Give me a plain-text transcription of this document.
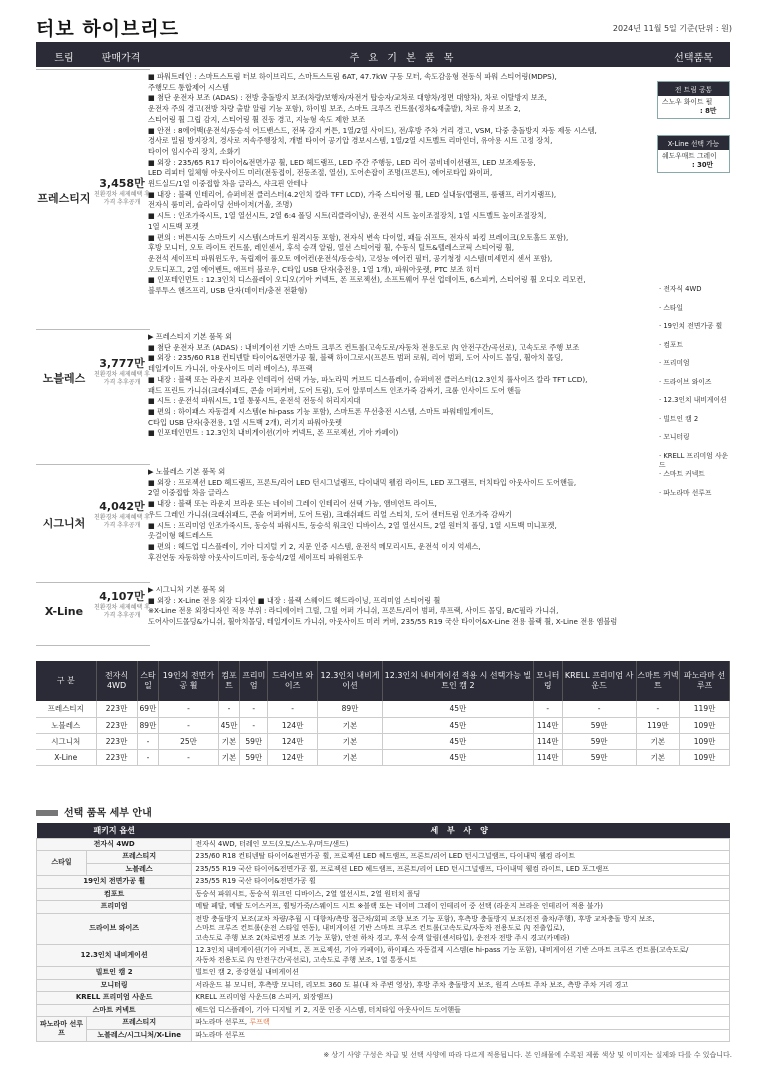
터보 하이브리드	2024년 11월 5일 기준(단위 : 원)
트림	판매가격	주 요 기 본 품 목	선택품목
프레스티지
3,458만
친환경차 세제혜택 후 가격 추후공개
■ 파워트레인 : 스마트스트림 터보 하이브리드, 스마트스트림 6AT, 47.7kW 구동 모터, 속도감응형 전동식 파워 스티어링(MDPS),
주행모드 통합제어 시스템
■ 첨단 운전자 보조 (ADAS) : 전방 충돌방지 보조(차량/보행자/자전거 탑승자/교차로 대향차/정면 대향차), 차로 이탈방지 보조,
운전자 주의 경고(전방 차량 출발 알림 기능 포함), 하이빔 보조, 스마트 크루즈 컨트롤(정차&재출발), 차로 유지 보조 2,
스티어링 휠 그립 감지, 스티어링 휠 진동 경고, 지능형 속도 제한 보조
■ 안전 : 8에어백(운전석/동승석 어드밴스드, 전복 감지 커튼, 1열/2열 사이드), 전/후방 주차 거리 경고, VSM, 다중 충돌방지 자동 제동 시스템,
경사로 밀림 방지장치, 경사로 저속주행장치, 개별 타이어 공기압 경보시스템, 1열/2열 시트벨트 리마인더, 유아용 시트 고정 장치,
타이어 임시수리 장치, 소화기
■ 외장 : 235/65 R17 타이어&전면가공 휠, LED 헤드램프, LED 주간 주행등, LED 리어 콤비네이션램프, LED 보조제동등,
LED 리피터 일체형 아웃사이드 미러(전동접이, 전동조절, 열선), 도어손잡이 조명(프론트), 에어로타입 와이퍼,
윈드실드/1열 이중접합 차음 글라스, 샤크핀 안테나
■ 내장 : 블랙 인테리어, 슈퍼비전 클러스터(4.2인치 칼라 TFT LCD), 가죽 스티어링 휠, LED 실내등(맵램프, 룸램프, 러기지램프),
전자식 룸미러, 슬라이딩 선바이저(거울, 조명)
■ 시트 : 인조가죽시트, 1열 열선시트, 2열 6:4 폴딩 시트(리클라이닝), 운전석 시트 높이조절장치, 1열 시트벨트 높이조절장치,
1열 시트백 포켓
■ 편의 : 버튼시동 스마트키 시스템(스마트키 원격시동 포함), 전자식 변속 다이얼, 패들 쉬프트, 전자식 파킹 브레이크(오토홀드 포함),
후방 모니터, 오토 라이트 컨트롤, 레인센서, 후석 승객 알림, 열선 스티어링 휠, 수동식 틸트&텔레스코픽 스티어링 휠,
운전석 세이프티 파워윈도우, 독립제어 풀오토 에어컨(운전석/동승석), 고성능 에어컨 필터, 공기청정 시스템(미세먼지 센서 포함),
오토디포그, 2열 에어벤트, 애프터 블로우, C타입 USB 단자(충전용, 1열 1개), 파워아웃렛, PTC 보조 히터
■ 인포테인먼트 : 12.3인치 디스플레이 오디오(기아 커넥트, 폰 프로젝션), 소프트웨어 무선 업데이트, 6스피커, 스티어링 휠 오디오 리모컨,
블루투스 핸즈프리, USB 단자(데이터/충전 전환형)
노블레스
3,777만
친환경차 세제혜택 후 가격 추후공개
▶ 프레스티지 기본 품목 외
■ 첨단 운전자 보조 (ADAS) : 내비게이션 기반 스마트 크루즈 컨트롤(고속도로/자동차 전용도로 內 안전구간/곡선로), 고속도로 주행 보조
■ 외장 : 235/60 R18 컨티넨탈 타이어&전면가공 휠, 블랙 하이그로시(프론트 범퍼 로워, 리어 범퍼, 도어 사이드 몰딩, 휠아치 몰딩,
테일게이트 가니쉬, 아웃사이드 미러 베이스), 루프랙
■ 내장 : 블랙 또는 라운지 브라운 인테리어 선택 가능, 파노라믹 커브드 디스플레이, 슈퍼비전 클러스터(12.3인치 풀사이즈 칼라 TFT LCD),
패드 프린트 가니쉬(크래쉬패드, 콘솔 어퍼커버, 도어 트림), 도어 알루미스트 인조가죽 감싸기, 크롬 인사이드 도어 핸들
■ 시트 : 운전석 파워시트, 1열 통풍시트, 운전석 전동식 허리지지대
■ 편의 : 하이패스 자동결제 시스템(e hi-pass 기능 포함), 스마트폰 무선충전 시스템, 스마트 파워테일게이트,
C타입 USB 단자(충전용, 1열 시트백 2개), 러기지 파워아웃렛
■ 인포테인먼트 : 12.3인치 내비게이션(기아 커넥트, 폰 프로젝션, 기아 카페이)
시그니처
4,042만
친환경차 세제혜택 후 가격 추후공개
▶ 노블레스 기본 품목 외
■ 외장 : 프로젝션 LED 헤드램프, 프론트/리어 LED 턴시그널램프, 다이내믹 웰컴 라이트, LED 포그램프, 터치타입 아웃사이드 도어핸들,
2열 이중접합 차음 글라스
■ 내장 : 블랙 또는 라운지 브라운 또는 네이비 그레이 인테리어 선택 가능, 앰비언트 라이트,
우드 그레인 가니쉬(크래쉬패드, 콘솔 어퍼커버, 도어 트림), 크래쉬패드 리얼 스티치, 도어 센터트림 인조가죽 감싸기
■ 시트 : 프리미엄 인조가죽시트, 동승석 파워시트, 동승석 워크인 디바이스, 2열 열선시트, 2열 원터치 폴딩, 1열 시트백 미니포켓,
옷걸이형 헤드레스트
■ 편의 : 헤드업 디스플레이, 기아 디지털 키 2, 지문 인증 시스템, 운전석 메모리시트, 운전석 이지 억세스,
후진연동 자동하향 아웃사이드미러, 동승석/2열 세이프티 파워윈도우
X-Line
4,107만
친환경차 세제혜택 후 가격 추후공개
▶ 시그니처 기본 품목 외
■ 외장 : X-Line 전용 외장 디자인 ■ 내장 : 블랙 스웨이드 헤드라이닝, 프리미엄 스티어링 휠
※X-Line 전용 외장디자인 적용 부위 : 라디에이터 그릴, 그릴 어퍼 가니쉬, 프론트/리어 범퍼, 루프랙, 사이드 몰딩, B/C필라 가니쉬,
도어사이드몰딩&가니쉬, 휠아치몰딩, 테일게이트 가니쉬, 아웃사이드 미러 커버, 235/55 R19 국산 타이어&X-Line 전용 블랙 휠, X-Line 전용 엠블럼
전 트림 공통
스노우 화이트 펄
: 8만
X-Line 선택 가능
쉐도우매트 그레이
: 30만
· 전자식 4WD
· 스타일
· 19인치 전면가공 휠
· 컴포트
· 프리미엄
· 드라이브 와이즈
· 12.3인치 내비게이션
· 빌트인 캠 2
· 모니터링
· KRELL 프리미엄 사운드
· 스마트 커넥트
· 파노라마 선루프
구 분	전자식 4WD	스타일	19인치 전면가공 휠	컴포트	프리미엄	드라이브 와이즈	12.3인치 내비게이션	12.3인치 내비게이션 적용 시 선택가능 빌트인 캠 2	모니터링	KRELL 프리미엄 사운드	스마트 커넥트	파노라마 선루프
프레스티지	223만	69만	-	-	-	-	89만	45만	-	-	-	119만
노블레스	223만	89만	-	45만	-	124만	기본	45만	114만	59만	119만	109만
시그니처	223만	-	25만	기본	59만	124만	기본	45만	114만	59만	기본	109만
X-Line	223만	-	-	기본	59만	124만	기본	45만	114만	59만	기본	109만
선택 품목 세부 안내
패키지 옵션		세 부 사 양
전자식 4WD		전자식 4WD, 터레인 모드(오토/스노우/머드/샌드)
스타일	프레스티지	235/60 R18 컨티넨탈 타이어&전면가공 휠, 프로젝션 LED 헤드램프, 프론트/리어 LED 턴시그널램프, 다이내믹 웰컴 라이트
	노블레스	235/55 R19 국산 타이어&전면가공 휠, 프로젝션 LED 헤드램프, 프론트/리어 LED 턴시그널램프, 다이내믹 웰컴 라이트, LED 포그램프
19인치 전면가공 휠		235/55 R19 국산 타이어&전면가공 휠
컴포트		동승석 파워시트, 동승석 워크인 디바이스, 2열 열선시트, 2열 원터치 폴딩
프리미엄		메탈 페달, 메탈 도어스커프, 휠팅가죽/스웨이드 시트 ※블랙 또는 네이비 그레이 인테리어 중 선택 (라운지 브라운 인테리어 적용 불가)
드라이브 와이즈		전방 충돌방지 보조(교차 차량/추월 시 대향차/측방 접근차/회피 조향 보조 기능 포함), 후측방 충돌방지 보조(전진 출차/주행), 후방 교차충돌 방지 보조,
스마트 크루즈 컨트롤(운전 스타일 연동), 내비게이션 기반 스마트 크루즈 컨트롤(고속도로/자동차 전용도로 內 진출입로),
고속도로 주행 보조 2(차로변경 보조 기능 포함), 안전 하차 경고, 후석 승객 알림(센서타입), 운전자 전방 주시 경고(카메라)

12.3인치 내비게이션		12.3인치 내비게이션(기아 커넥트, 폰 프로젝션, 기아 카페이), 하이패스 자동결제 시스템(e hi-pass 기능 포함), 내비게이션 기반 스마트 크루즈 컨트롤(고속도로/
자동차 전용도로 內 안전구간/곡선로), 고속도로 주행 보조, 1열 통풍시트

빌트인 캠 2		빌트인 캠 2, 증강현실 내비게이션
모니터링		서라운드 뷰 모니터, 후측방 모니터, 리모트 360 도 뷰(내 차 주변 영상), 후방 주차 충돌방지 보조, 원격 스마트 주차 보조, 측방 주차 거리 경고
KRELL 프리미엄 사운드		KRELL 프리미엄 사운드(8 스피커, 외장앰프)
스마트 커넥트		헤드업 디스플레이, 기아 디지털 키 2, 지문 인증 시스템, 터치타입 아웃사이드 도어핸들
파노라마 선루프	프레스티지	파노라마 선루프, 루프랙
	노블레스/시그니처/X-Line	파노라마 선루프
※ 상기 사양 구성은 차급 및 선택 사양에 따라 다르게 적용됩니다. 본 인쇄물에 수록된 제품 색상 및 이미지는 실제와 다를 수 있습니다.
